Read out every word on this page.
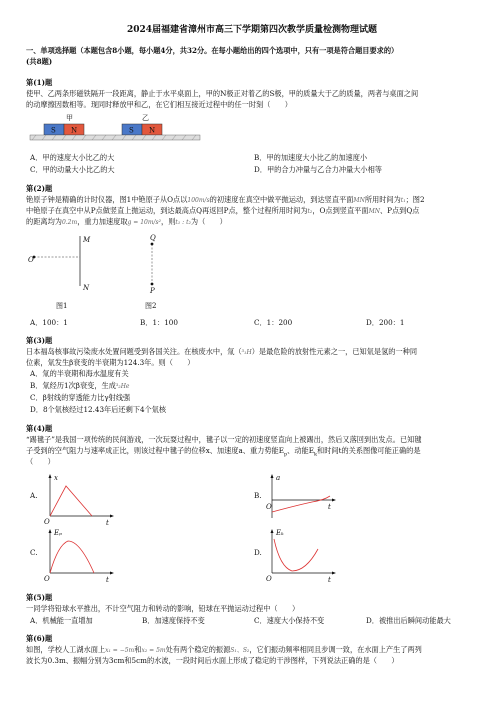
2024届福建省漳州市高三下学期第四次教学质量检测物理试题
一、单项选择题（本题包含8小题，每小题4分，共32分。在每小题给出的四个选项中，只有一项是符合题目要求的）
(共8题)
第(1)题
使甲、乙两条形磁铁隔开一段距离，静止于水平桌面上，甲的N极正对着乙的S极，甲的质量大于乙的质量，两者与桌面之间
的动摩擦因数相等。现同时释放甲和乙，在它们相互接近过程中的任一时刻（　　）
甲	乙
S N	S N
A．甲的速度大小比乙的大	B．甲的加速度大小比乙的加速度小
C．甲的动量大小比乙的大	D．甲的合力冲量与乙合力冲量大小相等
第(2)题
铯原子钟是精确的计时仪器，图1中铯原子从O点以100m/s的初速度在真空中做平抛运动，到达竖直平面MN所用时间为t₁；图2
中铯原子在真空中从P点做竖直上抛运动，到达最高点Q再返回P点，整个过程所用时间为t₂，O点到竖直平面MN、P点到Q点
的距离均为0.2m，重力加速度取g = 10m/s²，则t₁ : t₂为（　　）
O
M
N
图1
Q
P
图2
A．100：1	B．1：100	C．1：200	D．200：1
第(3)题
日本福岛核事故污染废水处置问题受到各国关注。在核废水中，氚（³₁H）是最危险的放射性元素之一，已知氚是氢的一种同
位素，氚发生β衰变的半衰期为124.3年。则（　　）
A．氚的半衰期和海水温度有关
B．氚经历1次β衰变，生成³₂He
C．β射线的穿透能力比γ射线强
D．8个氚核经过12.43年后还剩下4个氚核
第(4)题
“踢毽子”是我国一项传统的民间游戏，一次玩耍过程中，毽子以一定的初速度竖直向上被踢出，然后又落回到出发点。已知毽
子受到的空气阻力与速率成正比，则该过程中毽子的位移x、加速度a、重力势能$E_p$、动能$E_k$和时间t的关系图像可能正确的是
（　　）
A.
x
O	t
B.
a
O	t
C.
Eₚ
O	t
D.
Eₖ
O	t
第(5)题
一同学将铅球水平推出，不计空气阻力和转动的影响，铅球在平抛运动过程中（　　）
A．机械能一直增加	B．加速度保持不变	C．速度大小保持不变	D．被推出后瞬间动能最大
第(6)题
如图，学校人工湖水面上x₁ = −5m和x₂ = 5m处有两个稳定的振源S₁、S₂，它们振动频率相同且步调一致，在水面上产生了两列
波长为0.3m、振幅分别为3cm和5cm的水波，一段时间后水面上形成了稳定的干涉图样，下列说法正确的是（　　）
